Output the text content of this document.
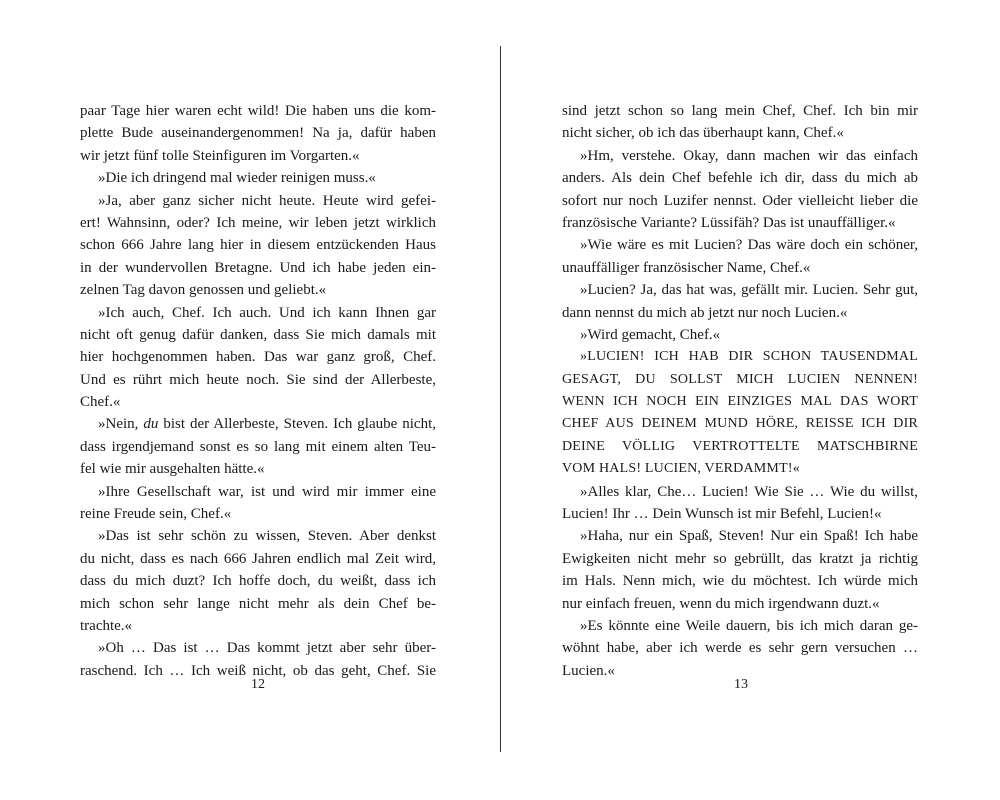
paar Tage hier waren echt wild! Die haben uns die kom-
plette Bude auseinandergenommen! Na ja, dafür haben
wir jetzt fünf tolle Steinfiguren im Vorgarten.«
»Die ich dringend mal wieder reinigen muss.«
»Ja, aber ganz sicher nicht heute. Heute wird gefei-
ert! Wahnsinn, oder? Ich meine, wir leben jetzt wirklich
schon 666 Jahre lang hier in diesem entzückenden Haus
in der wundervollen Bretagne. Und ich habe jeden ein-
zelnen Tag davon genossen und geliebt.«
»Ich auch, Chef. Ich auch. Und ich kann Ihnen gar
nicht oft genug dafür danken, dass Sie mich damals mit
hier hochgenommen haben. Das war ganz groß, Chef.
Und es rührt mich heute noch. Sie sind der Allerbeste,
Chef.«
»Nein, du bist der Allerbeste, Steven. Ich glaube nicht,
dass irgendjemand sonst es so lang mit einem alten Teu-
fel wie mir ausgehalten hätte.«
»Ihre Gesellschaft war, ist und wird mir immer eine
reine Freude sein, Chef.«
»Das ist sehr schön zu wissen, Steven. Aber denkst
du nicht, dass es nach 666 Jahren endlich mal Zeit wird,
dass du mich duzt? Ich hoffe doch, du weißt, dass ich
mich schon sehr lange nicht mehr als dein Chef be-
trachte.«
»Oh … Das ist … Das kommt jetzt aber sehr über-
raschend. Ich … Ich weiß nicht, ob das geht, Chef. Sie
12
sind jetzt schon so lang mein Chef, Chef. Ich bin mir
nicht sicher, ob ich das überhaupt kann, Chef.«
»Hm, verstehe. Okay, dann machen wir das einfach
anders. Als dein Chef befehle ich dir, dass du mich ab
sofort nur noch Luzifer nennst. Oder vielleicht lieber die
französische Variante? Lüssifäh? Das ist unauffälliger.«
»Wie wäre es mit Lucien? Das wäre doch ein schöner,
unauffälliger französischer Name, Chef.«
»Lucien? Ja, das hat was, gefällt mir. Lucien. Sehr gut,
dann nennst du mich ab jetzt nur noch Lucien.«
»Wird gemacht, Chef.«
»LUCIEN! ICH HAB DIR SCHON TAUSENDMAL
GESAGT, DU SOLLST MICH LUCIEN NENNEN!
WENN ICH NOCH EIN EINZIGES MAL DAS WORT
CHEF AUS DEINEM MUND HÖRE, REISSE ICH DIR
DEINE VÖLLIG VERTROTTELTE MATSCHBIRNE
VOM HALS! LUCIEN, VERDAMMT!«
»Alles klar, Che… Lucien! Wie Sie … Wie du willst,
Lucien! Ihr … Dein Wunsch ist mir Befehl, Lucien!«
»Haha, nur ein Spaß, Steven! Nur ein Spaß! Ich habe
Ewigkeiten nicht mehr so gebrüllt, das kratzt ja richtig
im Hals. Nenn mich, wie du möchtest. Ich würde mich
nur einfach freuen, wenn du mich irgendwann duzt.«
»Es könnte eine Weile dauern, bis ich mich daran ge-
wöhnt habe, aber ich werde es sehr gern versuchen …
Lucien.«
13
